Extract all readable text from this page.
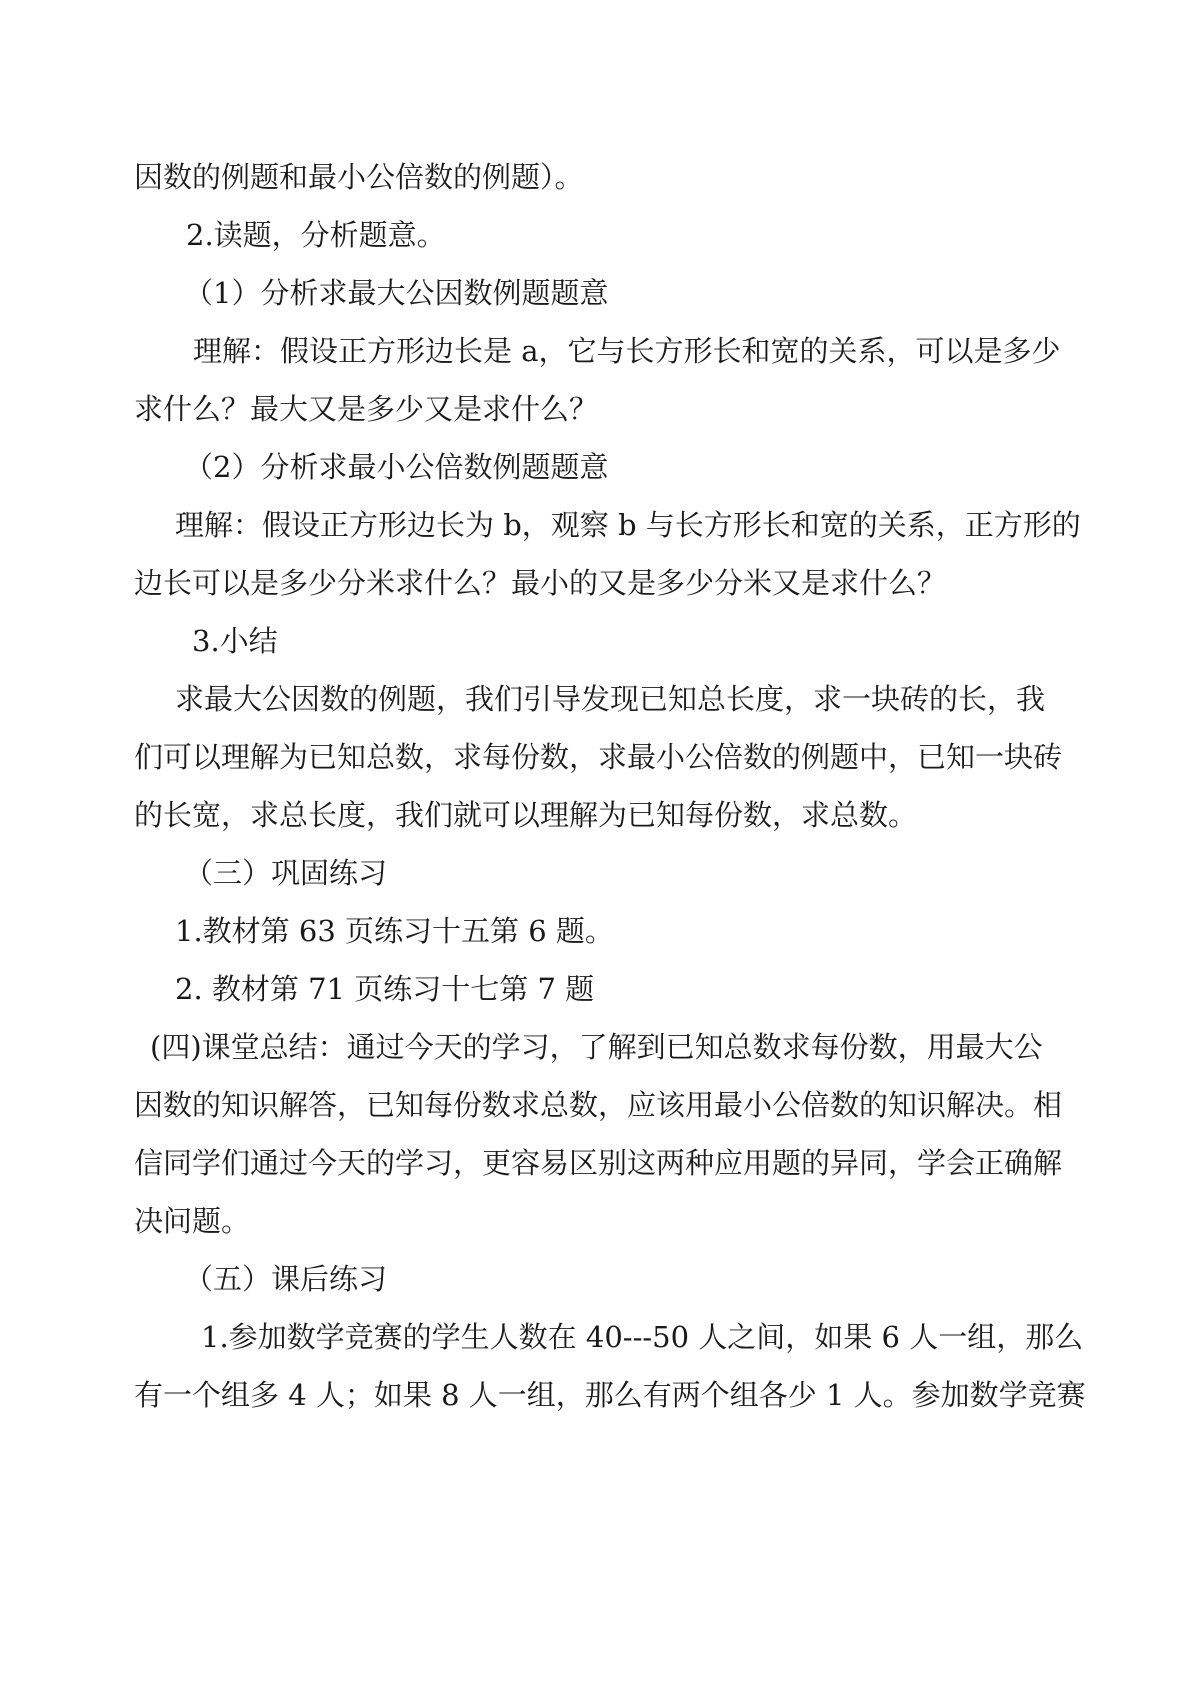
因数的例题和最小公倍数的例题）。
2.读题，分析题意。
（1）分析求最大公因数例题题意
理解：假设正方形边长是 a，它与长方形长和宽的关系，可以是多少
求什么？最大又是多少又是求什么？
（2）分析求最小公倍数例题题意
理解：假设正方形边长为 b，观察 b 与长方形长和宽的关系，正方形的
边长可以是多少分米求什么？最小的又是多少分米又是求什么？
3.小结
求最大公因数的例题，我们引导发现已知总长度，求一块砖的长，我
们可以理解为已知总数，求每份数，求最小公倍数的例题中，已知一块砖
的长宽，求总长度，我们就可以理解为已知每份数，求总数。
（三）巩固练习
1.教材第 63 页练习十五第 6 题。
2. 教材第 71 页练习十七第 7 题
(四)课堂总结：通过今天的学习，了解到已知总数求每份数，用最大公
因数的知识解答，已知每份数求总数，应该用最小公倍数的知识解决。相
信同学们通过今天的学习，更容易区别这两种应用题的异同，学会正确解
决问题。
（五）课后练习
1.参加数学竞赛的学生人数在 40---50 人之间，如果 6 人一组，那么
有一个组多 4 人；如果 8 人一组，那么有两个组各少 1 人。参加数学竞赛
